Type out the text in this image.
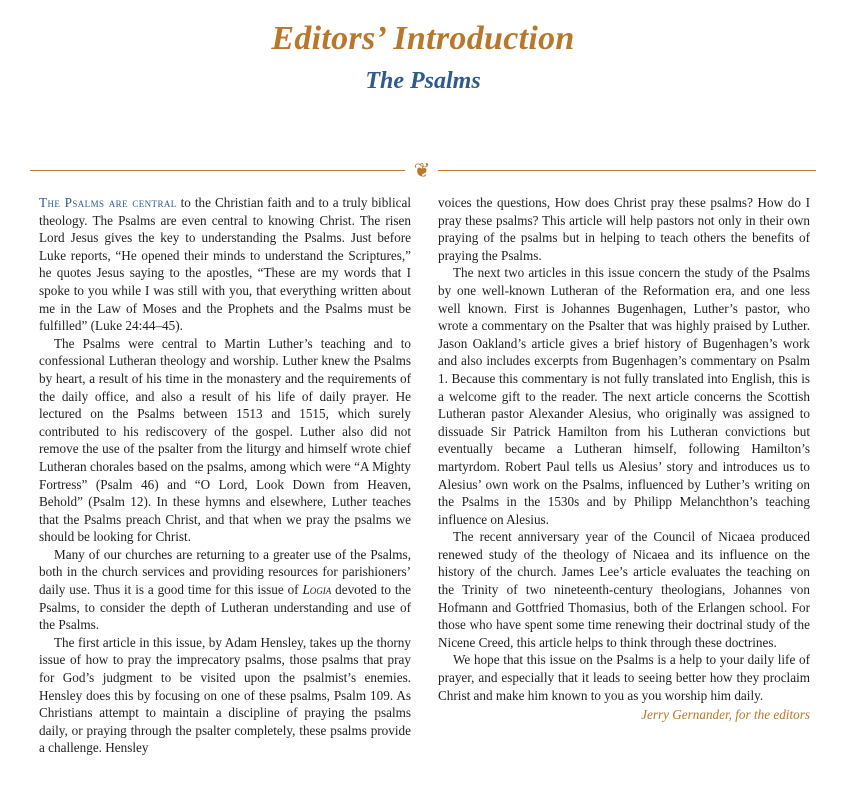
Editors’ Introduction
The Psalms
❦

The Psalms are central to the Christian faith and to a truly biblical theology. The Psalms are even central to knowing Christ. The risen Lord Jesus gives the key to understanding the Psalms. Just before Luke reports, “He opened their minds to understand the Scriptures,” he quotes Jesus saying to the apostles, “These are my words that I spoke to you while I was still with you, that everything written about me in the Law of Moses and the Prophets and the Psalms must be fulfilled” (Luke 24:44–45).

The Psalms were central to Martin Luther’s teaching and to confessional Lutheran theology and worship. Luther knew the Psalms by heart, a result of his time in the monastery and the requirements of the daily office, and also a result of his life of daily prayer. He lectured on the Psalms between 1513 and 1515, which surely contributed to his rediscovery of the gospel. Luther also did not remove the use of the psalter from the liturgy and himself wrote chief Lutheran chorales based on the psalms, among which were “A Mighty Fortress” (Psalm 46) and “O Lord, Look Down from Heaven, Behold” (Psalm 12). In these hymns and elsewhere, Luther teaches that the Psalms preach Christ, and that when we pray the psalms we should be looking for Christ.

Many of our churches are returning to a greater use of the Psalms, both in the church services and providing resources for parishioners’ daily use. Thus it is a good time for this issue of Logia devoted to the Psalms, to consider the depth of Lutheran understanding and use of the Psalms.

The first article in this issue, by Adam Hensley, takes up the thorny issue of how to pray the imprecatory psalms, those psalms that pray for God’s judgment to be visited upon the psalmist’s enemies. Hensley does this by focusing on one of these psalms, Psalm 109. As Christians attempt to maintain a discipline of praying the psalms daily, or praying through the psalter completely, these psalms provide a challenge. Hensley

voices the questions, How does Christ pray these psalms? How do I pray these psalms? This article will help pastors not only in their own praying of the psalms but in helping to teach others the benefits of praying the Psalms.

The next two articles in this issue concern the study of the Psalms by one well-known Lutheran of the Reformation era, and one less well known. First is Johannes Bugenhagen, Luther’s pastor, who wrote a commentary on the Psalter that was highly praised by Luther. Jason Oakland’s article gives a brief history of Bugenhagen’s work and also includes excerpts from Bugenhagen’s commentary on Psalm 1. Because this commentary is not fully translated into English, this is a welcome gift to the reader. The next article concerns the Scottish Lutheran pastor Alexander Alesius, who originally was assigned to dissuade Sir Patrick Hamilton from his Lutheran convictions but eventually became a Lutheran himself, following Hamilton’s martyrdom. Robert Paul tells us Alesius’ story and introduces us to Alesius’ own work on the Psalms, influenced by Luther’s writing on the Psalms in the 1530s and by Philipp Melanchthon’s teaching influence on Alesius.

The recent anniversary year of the Council of Nicaea produced renewed study of the theology of Nicaea and its influence on the history of the church. James Lee’s article evaluates the teaching on the Trinity of two nineteenth-century theologians, Johannes von Hofmann and Gottfried Thomasius, both of the Erlangen school. For those who have spent some time renewing their doctrinal study of the Nicene Creed, this article helps to think through these doctrines.

We hope that this issue on the Psalms is a help to your daily life of prayer, and especially that it leads to seeing better how they proclaim Christ and make him known to you as you worship him daily.

Jerry Gernander, for the editors
